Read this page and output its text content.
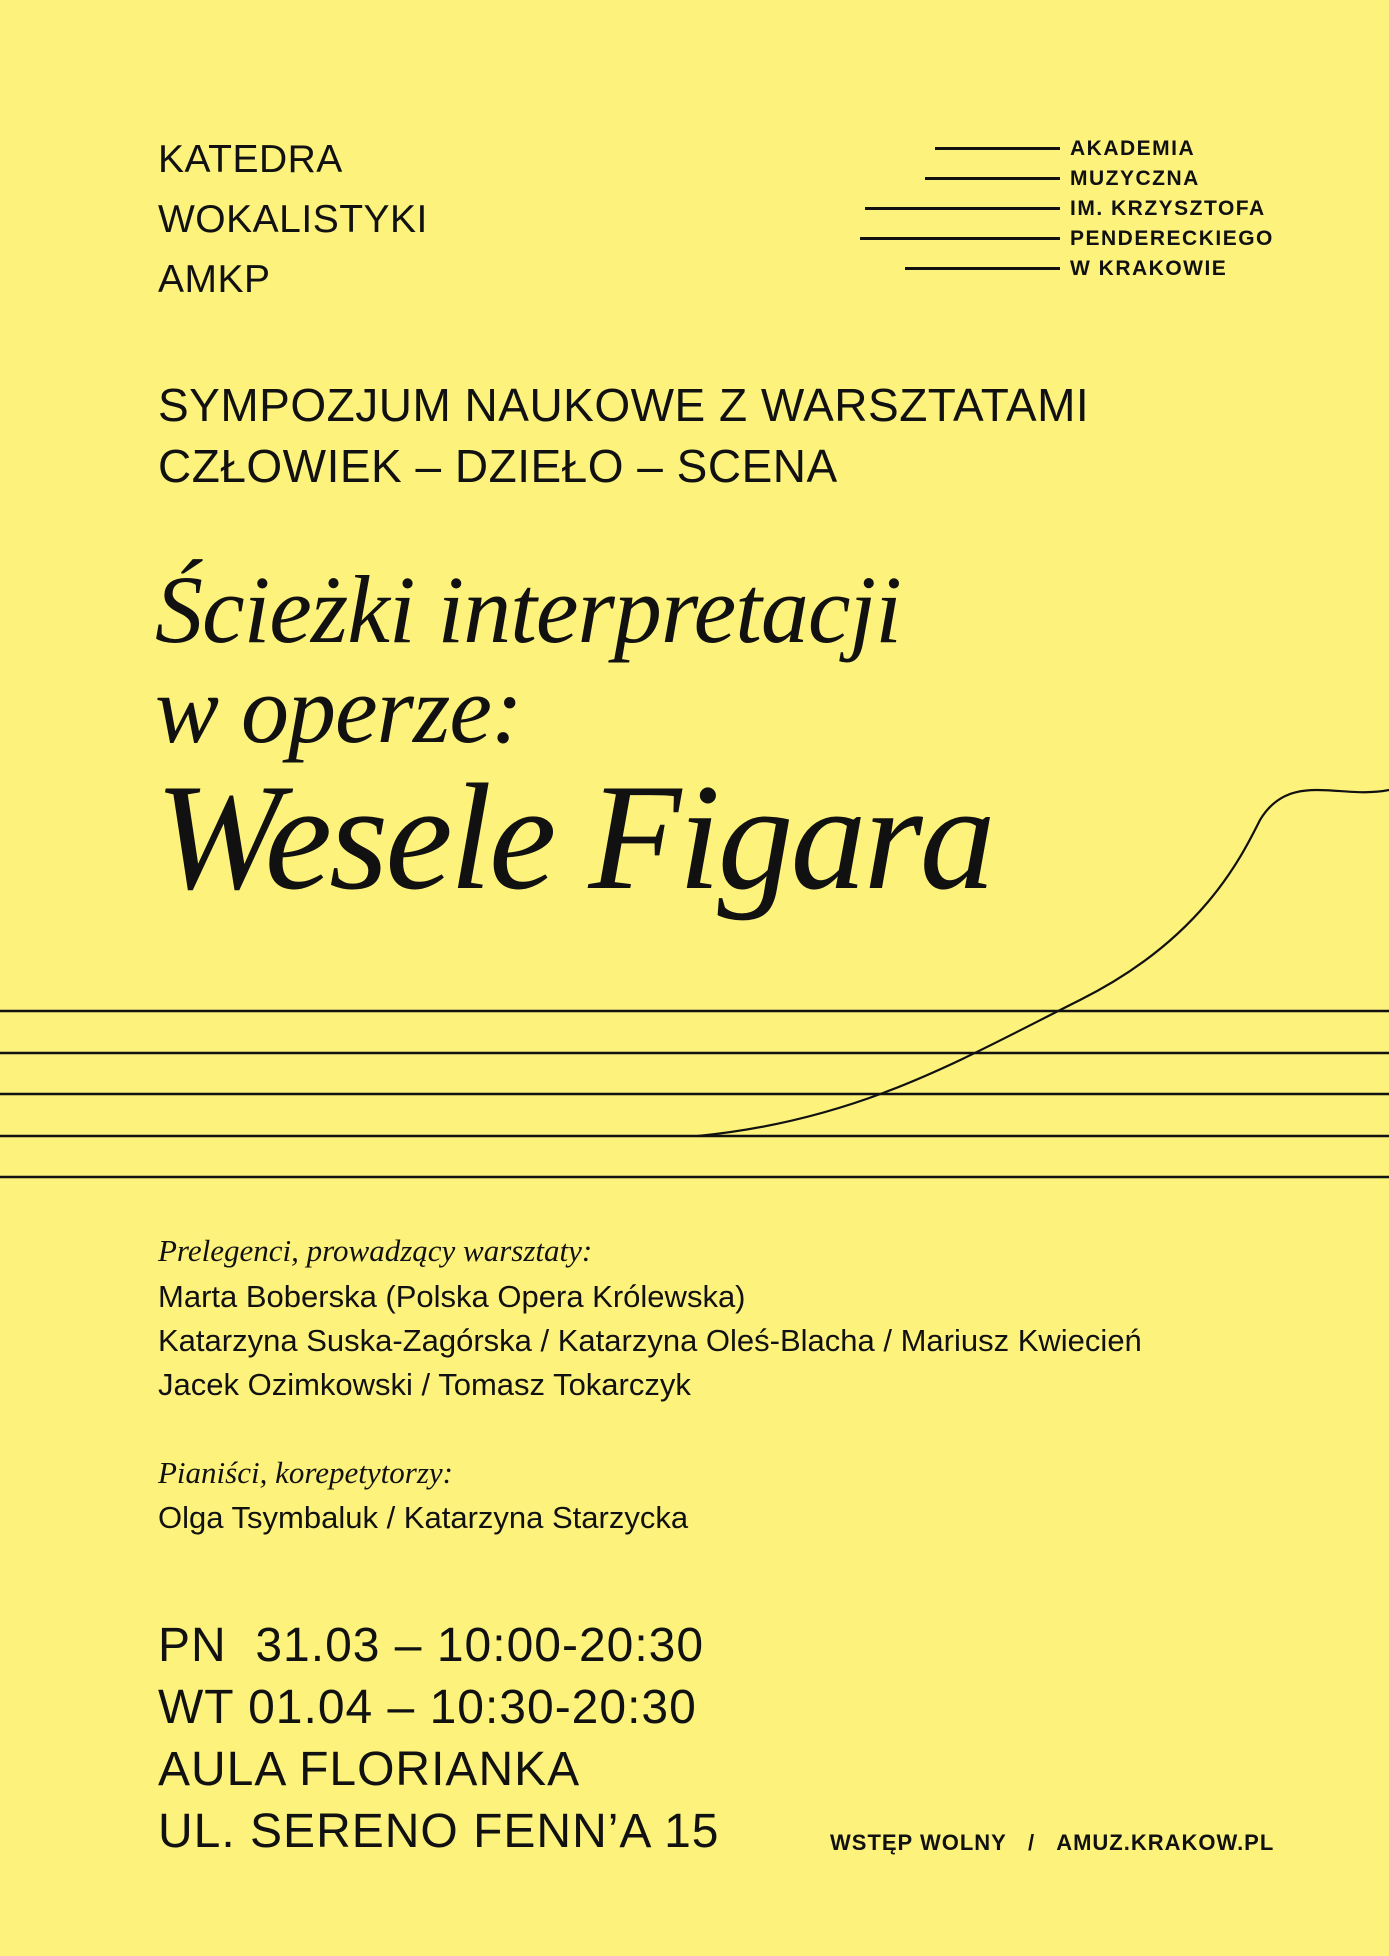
KATEDRA
WOKALISTYKI
AMKP
AKADEMIA
MUZYCZNA
IM. KRZYSZTOFA
PENDERECKIEGO
W KRAKOWIE
SYMPOZJUM NAUKOWE Z WARSZTATAMI
CZŁOWIEK – DZIEŁO – SCENA
Ścieżki interpretacji
w operze:
Wesele Figara
Prelegenci, prowadzący warsztaty:
Marta Boberska (Polska Opera Królewska)
Katarzyna Suska-Zagórska / Katarzyna Oleś-Blacha / Mariusz Kwiecień
Jacek Ozimkowski / Tomasz Tokarczyk
Pianiści, korepetytorzy:
Olga Tsymbaluk / Katarzyna Starzycka
PN  31.03 – 10:00-20:30
WT 01.04 – 10:30-20:30
AULA FLORIANKA
UL. SERENO FENN’A 15	WSTĘP WOLNY / AMUZ.KRAKOW.PL
